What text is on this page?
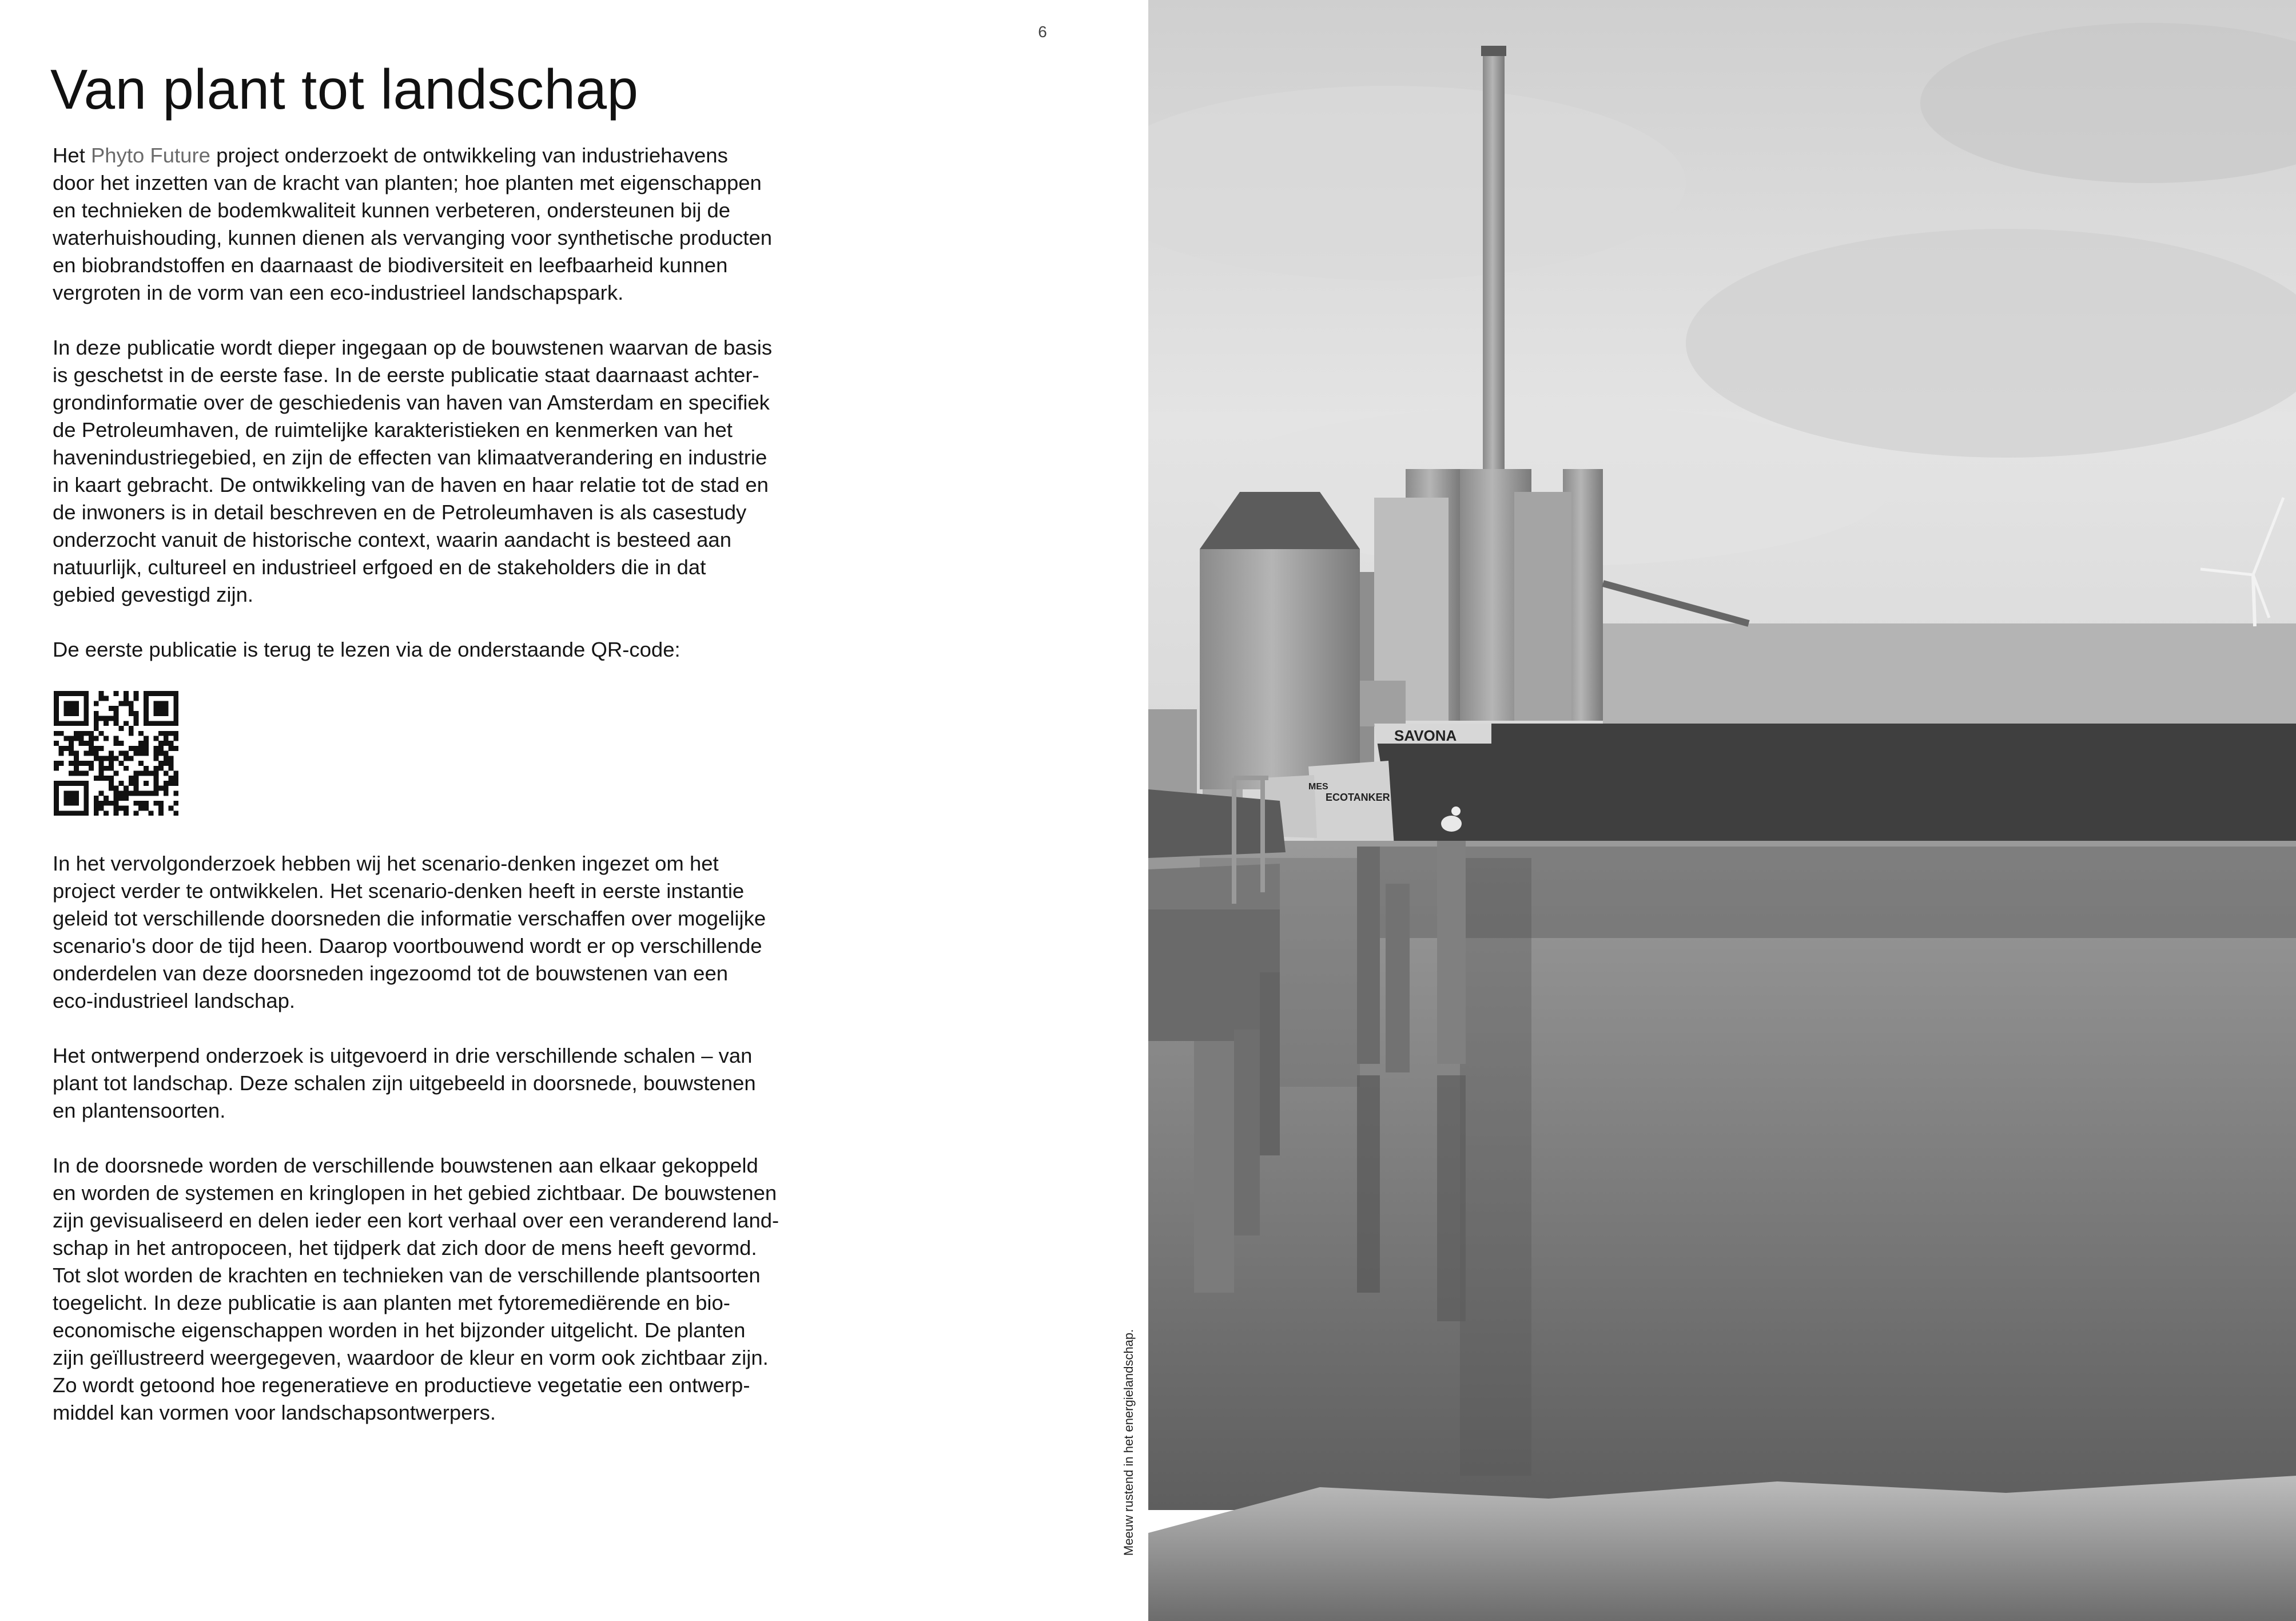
6
Van plant tot landschap

Het Phyto Future project onderzoekt de ontwikkeling van industriehavens
door het inzetten van de kracht van planten; hoe planten met eigenschappen
en technieken de bodemkwaliteit kunnen verbeteren, ondersteunen bij de
waterhuishouding, kunnen dienen als vervanging voor synthetische producten
en biobrandstoffen en daarnaast de biodiversiteit en leefbaarheid kunnen
vergroten in de vorm van een eco-industrieel landschapspark.

In deze publicatie wordt dieper ingegaan op de bouwstenen waarvan de basis
is geschetst in de eerste fase. In de eerste publicatie staat daarnaast achter-
grondinformatie over de geschiedenis van haven van Amsterdam en specifiek
de Petroleumhaven, de ruimtelijke karakteristieken en kenmerken van het
havenindustriegebied, en zijn de effecten van klimaatverandering en industrie
in kaart gebracht. De ontwikkeling van de haven en haar relatie tot de stad en
de inwoners is in detail beschreven en de Petroleumhaven is als casestudy
onderzocht vanuit de historische context, waarin aandacht is besteed aan
natuurlijk, cultureel en industrieel erfgoed en de stakeholders die in dat
gebied gevestigd zijn.

De eerste publicatie is terug te lezen via de onderstaande QR-code:

In het vervolgonderzoek hebben wij het scenario-denken ingezet om het
project verder te ontwikkelen. Het scenario-denken heeft in eerste instantie
geleid tot verschillende doorsneden die informatie verschaffen over mogelijke
scenario's door de tijd heen. Daarop voortbouwend wordt er op verschillende
onderdelen van deze doorsneden ingezoomd tot de bouwstenen van een
eco-industrieel landschap.

Het ontwerpend onderzoek is uitgevoerd in drie verschillende schalen – van
plant tot landschap. Deze schalen zijn uitgebeeld in doorsnede, bouwstenen
en plantensoorten.

In de doorsnede worden de verschillende bouwstenen aan elkaar gekoppeld
en worden de systemen en kringlopen in het gebied zichtbaar. De bouwstenen
zijn gevisualiseerd en delen ieder een kort verhaal over een veranderend land-
schap in het antropoceen, het tijdperk dat zich door de mens heeft gevormd.
Tot slot worden de krachten en technieken van de verschillende plantsoorten
toegelicht. In deze publicatie is aan planten met fytoremediërende en bio-
economische eigenschappen worden in het bijzonder uitgelicht. De planten
zijn geïllustreerd weergegeven, waardoor de kleur en vorm ook zichtbaar zijn.
Zo wordt getoond hoe regeneratieve en productieve vegetatie een ontwerp-
middel kan vormen voor landschapsontwerpers.	Meeuw rustend in het energielandschap.
SAVONA
ECOTANKER
MES
